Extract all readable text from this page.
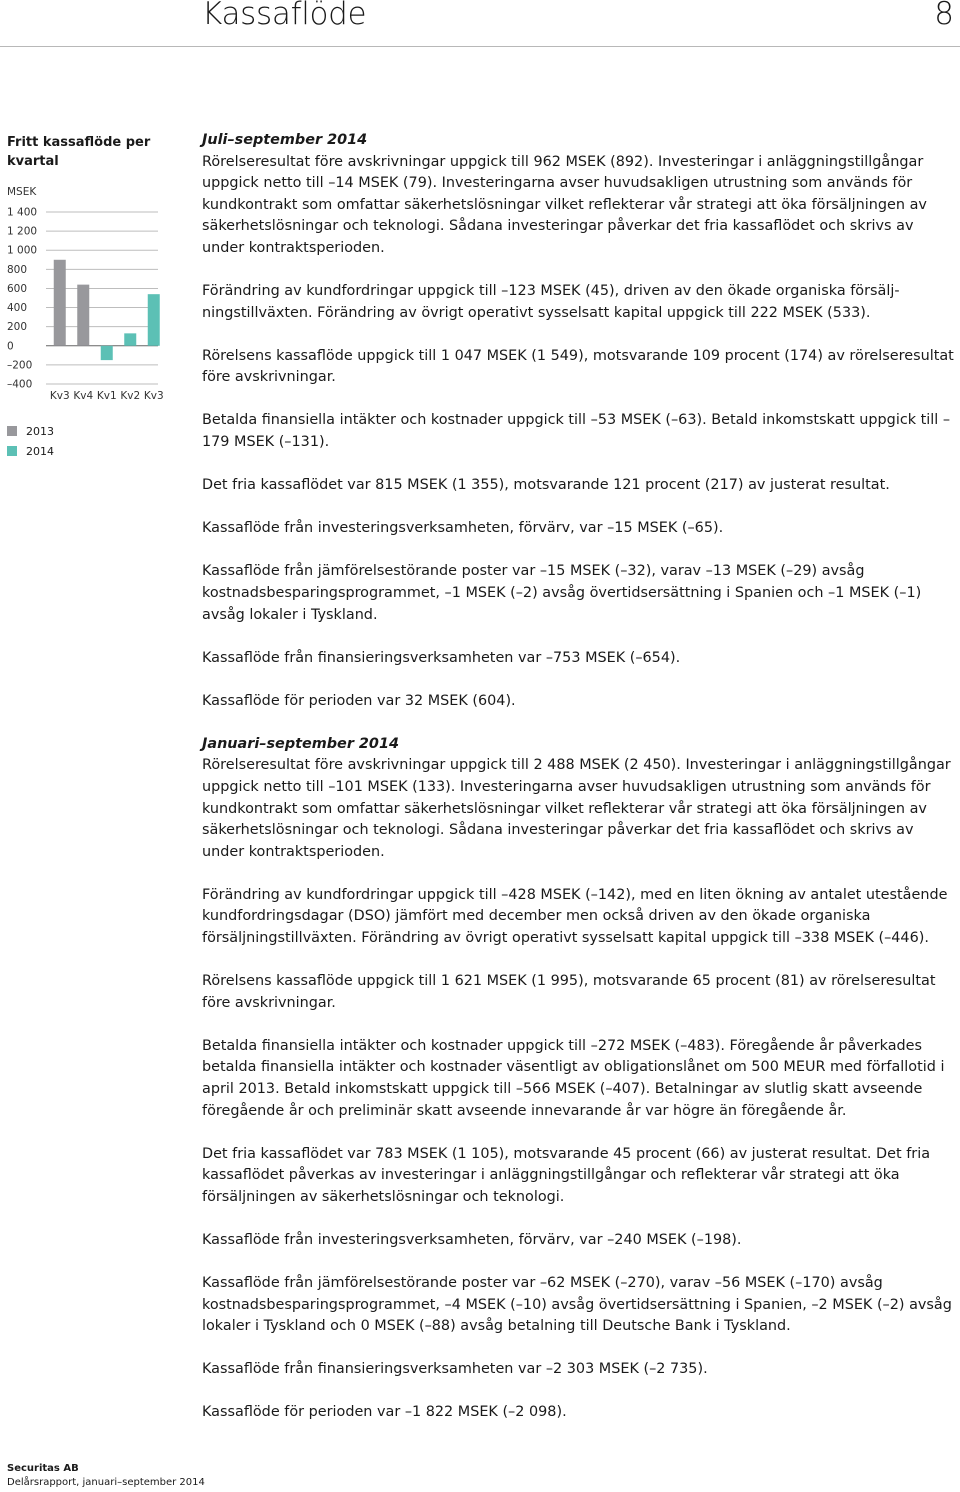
Kassaflöde	8
Fritt kassaflöde per kvartal
MSEK
1 400
1 200
1 000
800
600
400
200
0
–200
–400
Kv3 Kv4 Kv1 Kv2 Kv3
2013
2014
Juli–september 2014

Rörelseresultat före avskrivningar uppgick till 962 MSEK (892). Investeringar i anläggningstillgångar uppgick netto till –14 MSEK (79). Investeringarna avser huvudsakligen utrustning som används för kundkontrakt som omfattar säkerhetslösningar vilket reflekterar vår strategi att öka försäljningen av säkerhetslösningar och teknologi. Sådana investeringar påverkar det fria kassaflödet och skrivs av under kontraktsperioden.

Förändring av kundfordringar uppgick till –123 MSEK (45), driven av den ökade organiska försäljningstillväxten. Förändring av övrigt operativt sysselsatt kapital uppgick till 222 MSEK (533).

Rörelsens kassaflöde uppgick till 1 047 MSEK (1 549), motsvarande 109 procent (174) av rörelseresultat före avskrivningar.

Betalda finansiella intäkter och kostnader uppgick till –53 MSEK (–63). Betald inkomstskatt uppgick till –179 MSEK (–131).

Det fria kassaflödet var 815 MSEK (1 355), motsvarande 121 procent (217) av justerat resultat.

Kassaflöde från investeringsverksamheten, förvärv, var –15 MSEK (–65).

Kassaflöde från jämförelsestörande poster var –15 MSEK (–32), varav –13 MSEK (–29) avsåg kostnadsbesparingsprogrammet, –1 MSEK (–2) avsåg övertidsersättning i Spanien och –1 MSEK (–1) avsåg lokaler i Tyskland.

Kassaflöde från finansieringsverksamheten var –753 MSEK (–654).

Kassaflöde för perioden var 32 MSEK (604).

Januari–september 2014

Rörelseresultat före avskrivningar uppgick till 2 488 MSEK (2 450). Investeringar i anläggningstillgångar uppgick netto till –101 MSEK (133). Investeringarna avser huvudsakligen utrustning som används för kundkontrakt som omfattar säkerhetslösningar vilket reflekterar vår strategi att öka försäljningen av säkerhetslösningar och teknologi. Sådana investeringar påverkar det fria kassaflödet och skrivs av under kontraktsperioden.

Förändring av kundfordringar uppgick till –428 MSEK (–142), med en liten ökning av antalet utestående kundfordringsdagar (DSO) jämfört med december men också driven av den ökade organiska försäljningstillväxten. Förändring av övrigt operativt sysselsatt kapital uppgick till –338 MSEK (–446).

Rörelsens kassaflöde uppgick till 1 621 MSEK (1 995), motsvarande 65 procent (81) av rörelseresultat före avskrivningar.

Betalda finansiella intäkter och kostnader uppgick till –272 MSEK (–483). Föregående år påverkades betalda finansiella intäkter och kostnader väsentligt av obligationslånet om 500 MEUR med förfallotid i april 2013. Betald inkomstskatt uppgick till –566 MSEK (–407). Betalningar av slutlig skatt avseende föregående år och preliminär skatt avseende innevarande år var högre än föregående år.

Det fria kassaflödet var 783 MSEK (1 105), motsvarande 45 procent (66) av justerat resultat. Det fria kassaflödet påverkas av investeringar i anläggningstillgångar och reflekterar vår strategi att öka försäljningen av säkerhetslösningar och teknologi.

Kassaflöde från investeringsverksamheten, förvärv, var –240 MSEK (–198).

Kassaflöde från jämförelsestörande poster var –62 MSEK (–270), varav –56 MSEK (–170) avsåg kostnadsbesparingsprogrammet, –4 MSEK (–10) avsåg övertidsersättning i Spanien, –2 MSEK (–2) avsåg lokaler i Tyskland och 0 MSEK (–88) avsåg betalning till Deutsche Bank i Tyskland.

Kassaflöde från finansieringsverksamheten var –2 303 MSEK (–2 735).

Kassaflöde för perioden var –1 822 MSEK (–2 098).

Securitas AB
Delårsrapport, januari–september 2014
